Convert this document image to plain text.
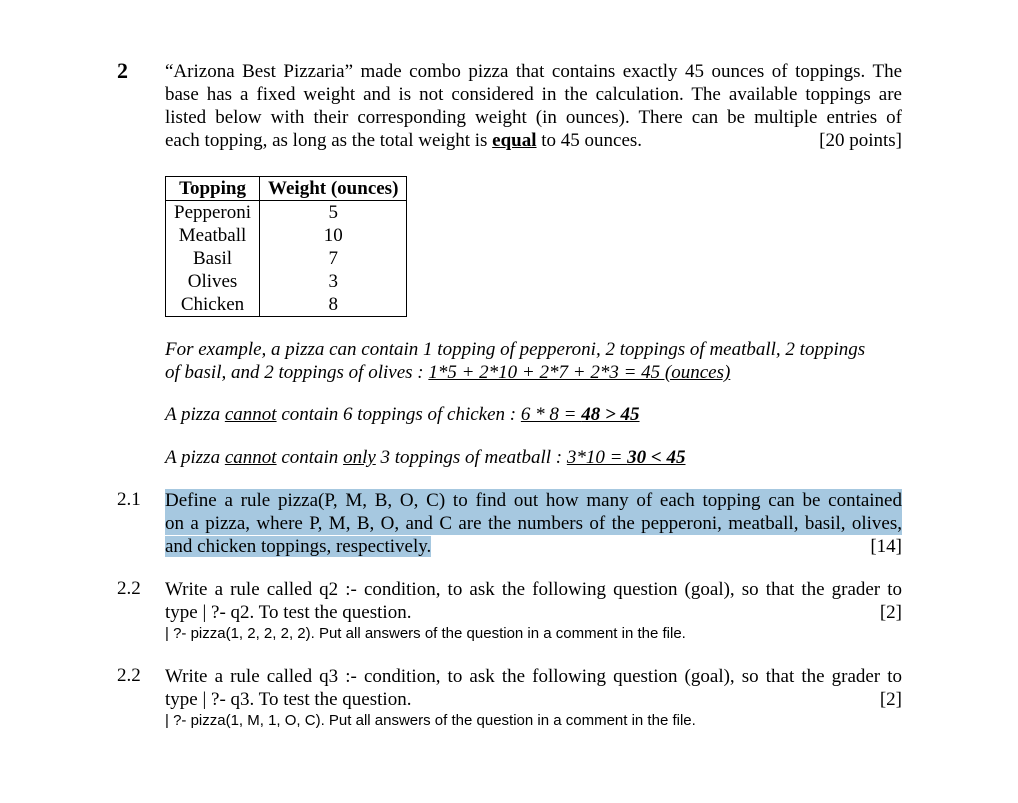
2 “Arizona Best Pizzaria” made combo pizza that contains exactly 45 ounces of toppings. The
base has a fixed weight and is not considered in the calculation. The available toppings are
listed below with their corresponding weight (in ounces). There can be multiple entries of
each topping, as long as the total weight is equal to 45 ounces.	[20 points]
Topping	Weight (ounces)
Pepperoni	5
Meatball	10
Basil	7
Olives	3
Chicken	8
For example, a pizza can contain 1 topping of pepperoni, 2 toppings of meatball, 2 toppings
of basil, and 2 toppings of olives : 1*5 + 2*10 + 2*7 + 2*3 = 45 (ounces)
A pizza cannot contain 6 toppings of chicken : 6 * 8 = 48 > 45
A pizza cannot contain only 3 toppings of meatball : 3*10 = 30 < 45
2.1 Define a rule pizza(P, M, B, O, C) to find out how many of each topping can be contained
on a pizza, where P, M, B, O, and C are the numbers of the pepperoni, meatball, basil, olives,
and chicken toppings, respectively.	[14]
2.2 Write a rule called q2 :- condition, to ask the following question (goal), so that the grader to
type | ?- q2. To test the question.	[2]
| ?- pizza(1, 2, 2, 2, 2). Put all answers of the question in a comment in the file.
2.2 Write a rule called q3 :- condition, to ask the following question (goal), so that the grader to
type | ?- q3. To test the question.	[2]
| ?- pizza(1, M, 1, O, C). Put all answers of the question in a comment in the file.
